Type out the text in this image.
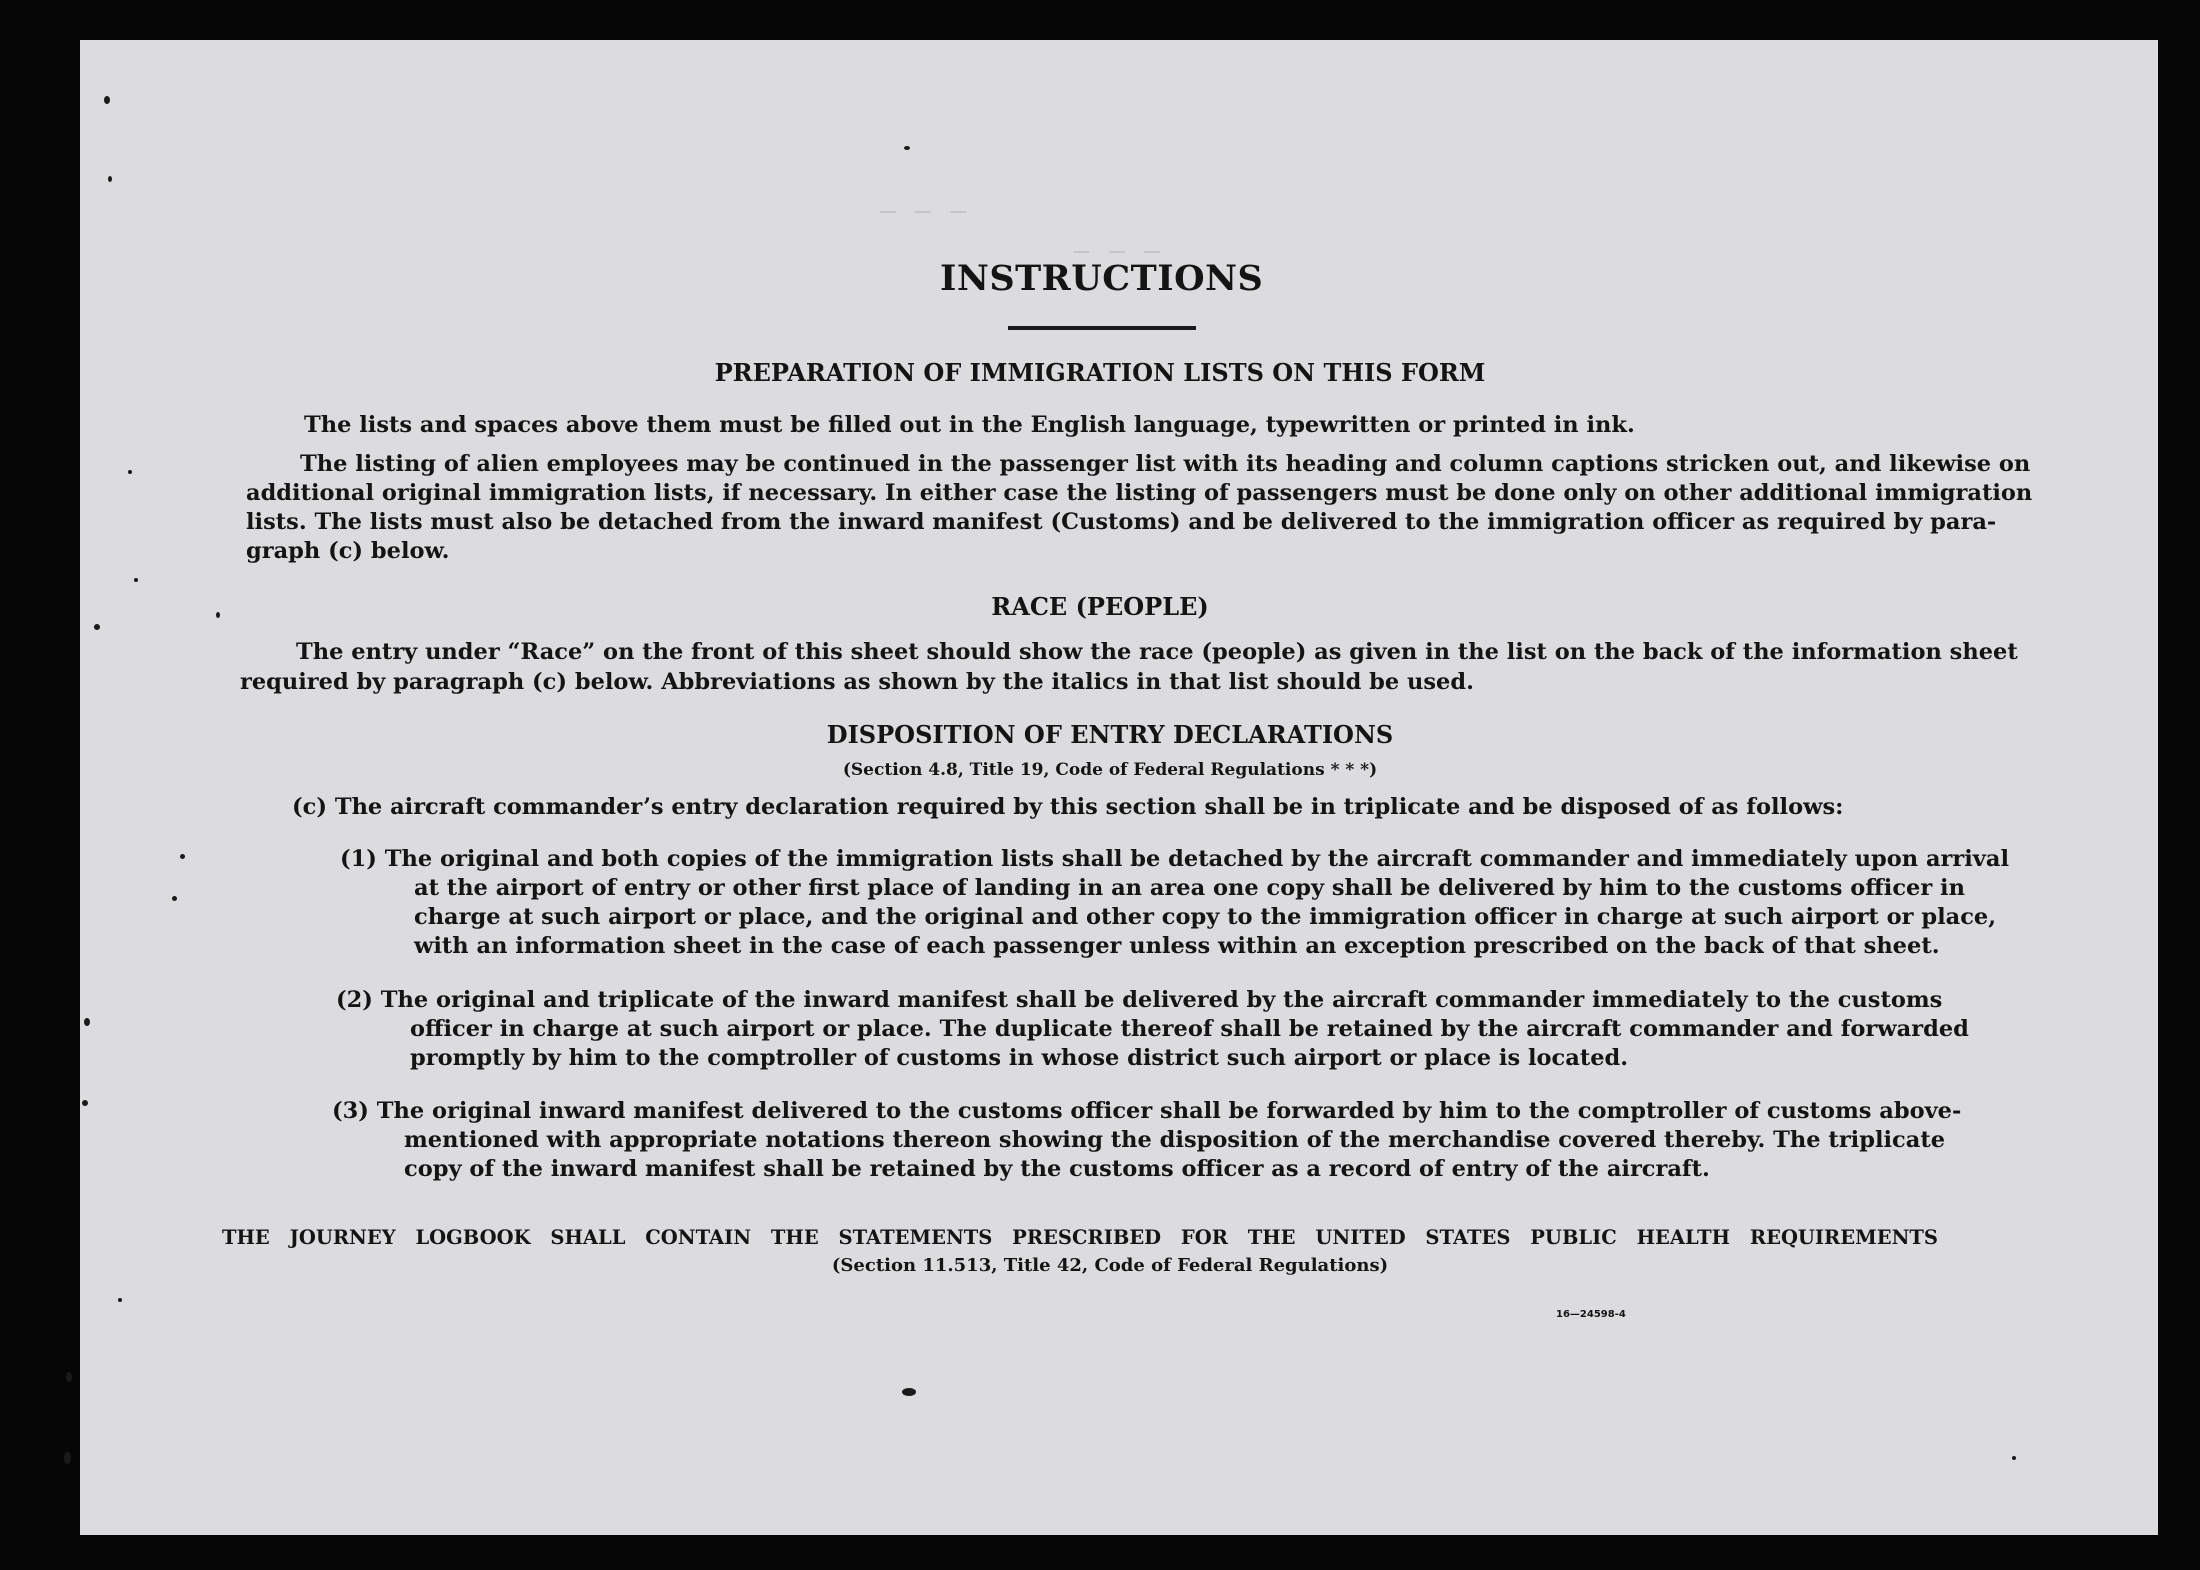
— — —　　　　　　　　　　　　　
　　　　　　　 ‒ ‒ ‒
INSTRUCTIONS
PREPARATION OF IMMIGRATION LISTS ON THIS FORM
The lists and spaces above them must be filled out in the English language, typewritten or printed in ink.
The listing of alien employees may be continued in the passenger list with its heading and column captions stricken out, and likewise on
additional original immigration lists, if necessary. In either case the listing of passengers must be done only on other additional immigration
lists. The lists must also be detached from the inward manifest (Customs) and be delivered to the immigration officer as required by para-
graph (c) below.
RACE (PEOPLE)
The entry under “Race” on the front of this sheet should show the race (people) as given in the list on the back of the information sheet
required by paragraph (c) below. Abbreviations as shown by the italics in that list should be used.
DISPOSITION OF ENTRY DECLARATIONS
(Section 4.8, Title 19, Code of Federal Regulations * * *)
(c) The aircraft commander’s entry declaration required by this section shall be in triplicate and be disposed of as follows:
(1) The original and both copies of the immigration lists shall be detached by the aircraft commander and immediately upon arrival
at the airport of entry or other first place of landing in an area one copy shall be delivered by him to the customs officer in
charge at such airport or place, and the original and other copy to the immigration officer in charge at such airport or place,
with an information sheet in the case of each passenger unless within an exception prescribed on the back of that sheet.
(2) The original and triplicate of the inward manifest shall be delivered by the aircraft commander immediately to the customs
officer in charge at such airport or place. The duplicate thereof shall be retained by the aircraft commander and forwarded
promptly by him to the comptroller of customs in whose district such airport or place is located.
(3) The original inward manifest delivered to the customs officer shall be forwarded by him to the comptroller of customs above-
mentioned with appropriate notations thereon showing the disposition of the merchandise covered thereby. The triplicate
copy of the inward manifest shall be retained by the customs officer as a record of entry of the aircraft.
THE JOURNEY LOGBOOK SHALL CONTAIN THE STATEMENTS PRESCRIBED FOR THE UNITED STATES PUBLIC HEALTH REQUIREMENTS
(Section 11.513, Title 42, Code of Federal Regulations)
16—24598-4
